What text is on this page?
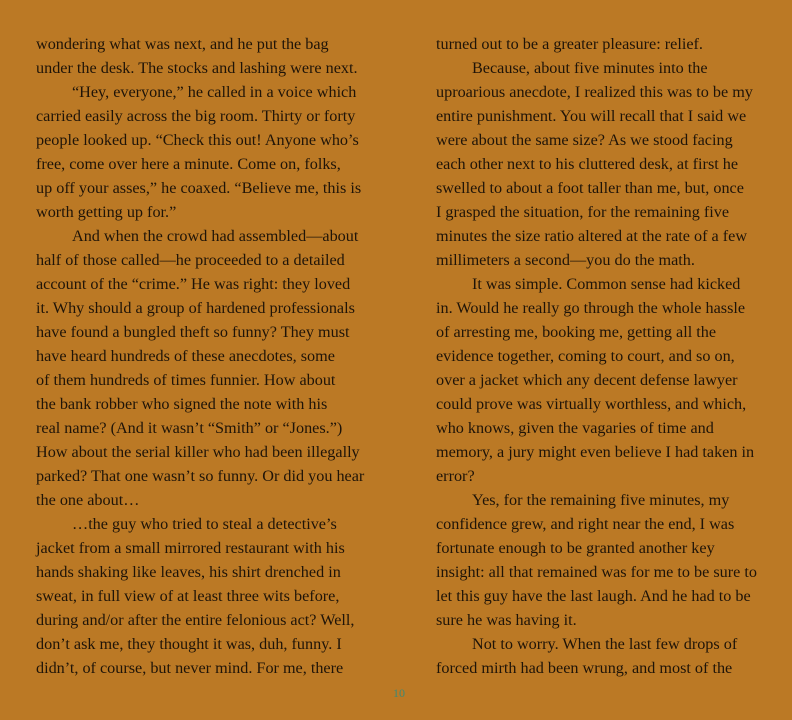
wondering what was next, and he put the bag
under the desk. The stocks and lashing were next.
“Hey, everyone,” he called in a voice which
carried easily across the big room. Thirty or forty
people looked up. “Check this out! Anyone who’s
free, come over here a minute. Come on, folks,
up off your asses,” he coaxed. “Believe me, this is
worth getting up for.”
And when the crowd had assembled—about
half of those called—he proceeded to a detailed
account of the “crime.” He was right: they loved
it. Why should a group of hardened professionals
have found a bungled theft so funny? They must
have heard hundreds of these anecdotes, some
of them hundreds of times funnier. How about
the bank robber who signed the note with his
real name? (And it wasn’t “Smith” or “Jones.”)
How about the serial killer who had been illegally
parked? That one wasn’t so funny. Or did you hear
the one about…
…the guy who tried to steal a detective’s
jacket from a small mirrored restaurant with his
hands shaking like leaves, his shirt drenched in
sweat, in full view of at least three wits before,
during and/or after the entire felonious act? Well,
don’t ask me, they thought it was, duh, funny. I
didn’t, of course, but never mind. For me, there
turned out to be a greater pleasure: relief.
Because, about five minutes into the
uproarious anecdote, I realized this was to be my
entire punishment. You will recall that I said we
were about the same size? As we stood facing
each other next to his cluttered desk, at first he
swelled to about a foot taller than me, but, once
I grasped the situation, for the remaining five
minutes the size ratio altered at the rate of a few
millimeters a second—you do the math.
It was simple. Common sense had kicked
in. Would he really go through the whole hassle
of arresting me, booking me, getting all the
evidence together, coming to court, and so on,
over a jacket which any decent defense lawyer
could prove was virtually worthless, and which,
who knows, given the vagaries of time and
memory, a jury might even believe I had taken in
error?
Yes, for the remaining five minutes, my
confidence grew, and right near the end, I was
fortunate enough to be granted another key
insight: all that remained was for me to be sure to
let this guy have the last laugh. And he had to be
sure he was having it.
Not to worry. When the last few drops of
forced mirth had been wrung, and most of the
10
